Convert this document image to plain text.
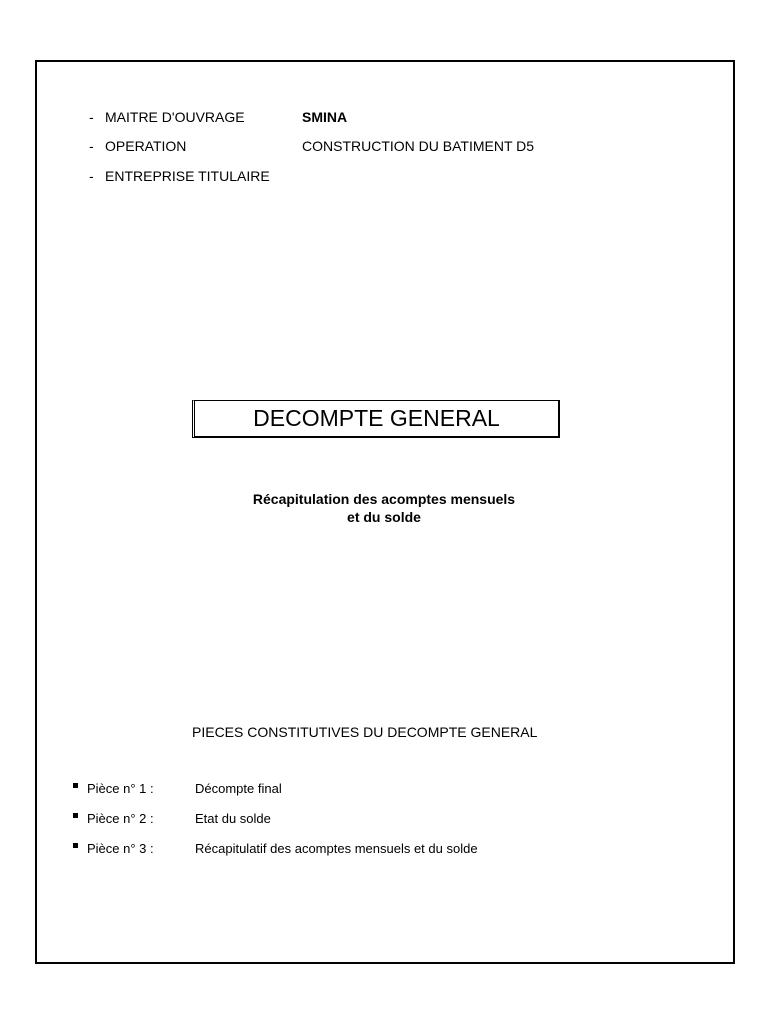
- MAITRE D'OUVRAGE	SMINA
- OPERATION	CONSTRUCTION DU BATIMENT D5
- ENTREPRISE TITULAIRE
DECOMPTE GENERAL
Récapitulation des acomptes mensuels
et du solde
PIECES CONSTITUTIVES DU DECOMPTE GENERAL
Pièce n° 1 :	Décompte final
Pièce n° 2 :	Etat du solde
Pièce n° 3 :	Récapitulatif des acomptes mensuels et du solde
